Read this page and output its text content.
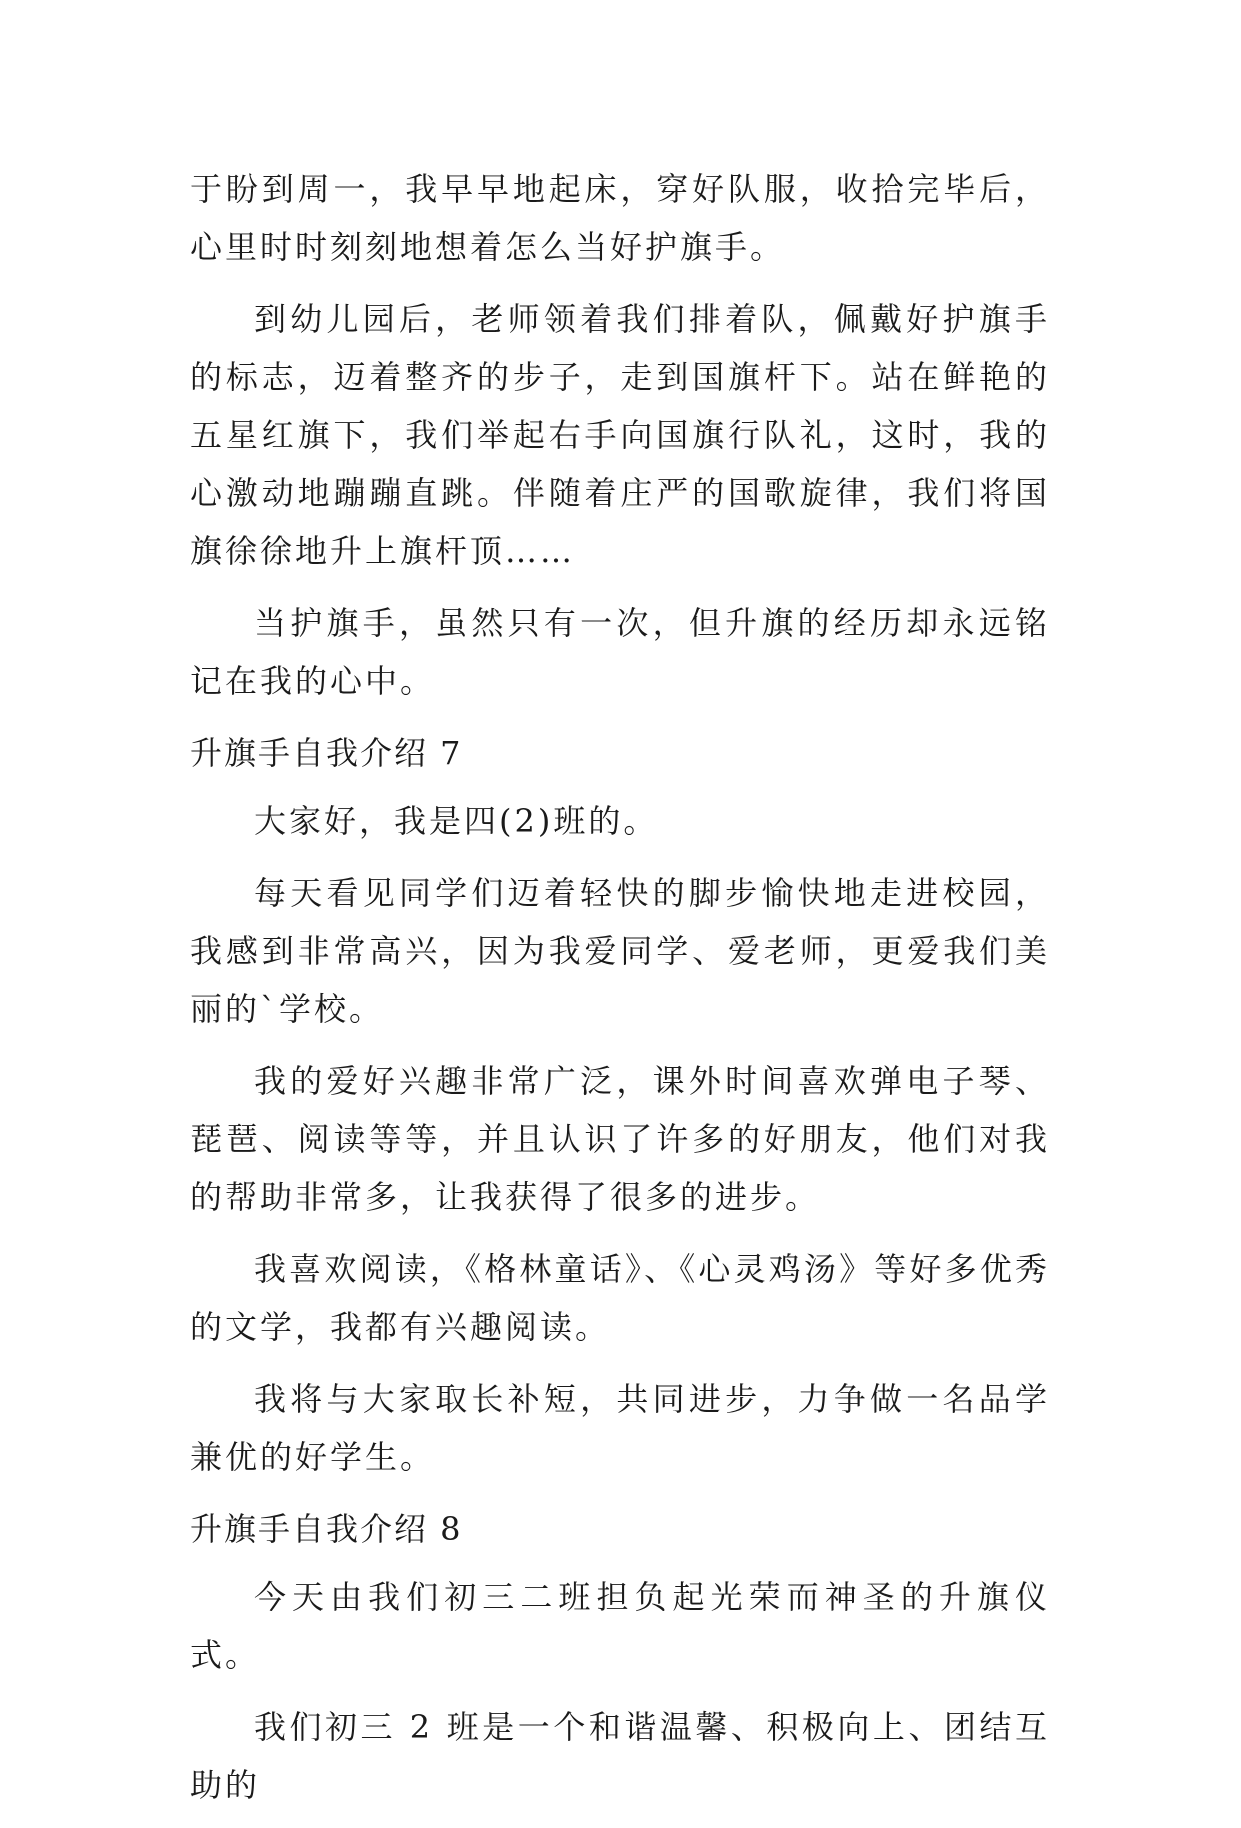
于盼到周一，我早早地起床，穿好队服，收拾完毕后，心里时时刻刻地想着怎么当好护旗手。

到幼儿园后，老师领着我们排着队，佩戴好护旗手的标志，迈着整齐的步子，走到国旗杆下。站在鲜艳的五星红旗下，我们举起右手向国旗行队礼，这时，我的心激动地蹦蹦直跳。伴随着庄严的国歌旋律，我们将国旗徐徐地升上旗杆顶……

当护旗手，虽然只有一次，但升旗的经历却永远铭记在我的心中。

升旗手自我介绍 7

大家好，我是四(2)班的。

每天看见同学们迈着轻快的脚步愉快地走进校园，我感到非常高兴，因为我爱同学、爱老师，更爱我们美丽的`学校。

我的爱好兴趣非常广泛，课外时间喜欢弹电子琴、琵琶、阅读等等，并且认识了许多的好朋友，他们对我的帮助非常多，让我获得了很多的进步。

我喜欢阅读，《格林童话》、《心灵鸡汤》等好多优秀的文学，我都有兴趣阅读。

我将与大家取长补短，共同进步，力争做一名品学兼优的好学生。

升旗手自我介绍 8

今天由我们初三二班担负起光荣而神圣的升旗仪式。

我们初三 2 班是一个和谐温馨、积极向上、团结互助的
